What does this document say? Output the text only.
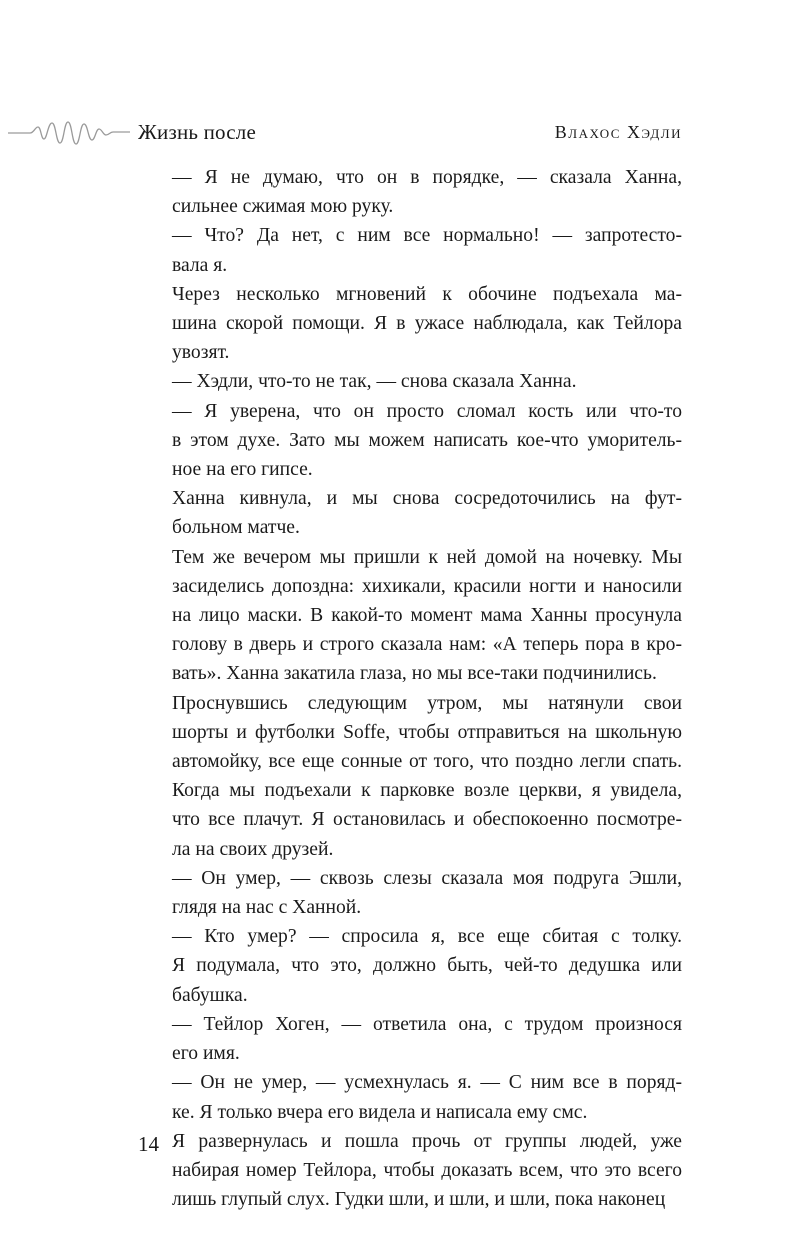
Жизнь после	Влахос Хэдли

— Я не думаю, что он в порядке, — сказала Ханна,
сильнее сжимая мою руку.

— Что? Да нет, с ним все нормально! — запротесто-
вала я.

Через несколько мгновений к обочине подъехала ма-
шина скорой помощи. Я в ужасе наблюдала, как Тейлора
увозят.

— Хэдли, что-то не так, — снова сказала Ханна.

— Я уверена, что он просто сломал кость или что-то
в этом духе. Зато мы можем написать кое-что уморитель-
ное на его гипсе.

Ханна кивнула, и мы снова сосредоточились на фут-
больном матче.

Тем же вечером мы пришли к ней домой на ночевку. Мы
засиделись допоздна: хихикали, красили ногти и наносили
на лицо маски. В какой-то момент мама Ханны просунула
голову в дверь и строго сказала нам: «А теперь пора в кро-
вать». Ханна закатила глаза, но мы все-таки подчинились.

Проснувшись следующим утром, мы натянули свои
шорты и футболки Soffe, чтобы отправиться на школьную
автомойку, все еще сонные от того, что поздно легли спать.
Когда мы подъехали к парковке возле церкви, я увидела,
что все плачут. Я остановилась и обеспокоенно посмотре-
ла на своих друзей.

— Он умер, — сквозь слезы сказала моя подруга Эшли,
глядя на нас с Ханной.

— Кто умер? — спросила я, все еще сбитая с толку.
Я подумала, что это, должно быть, чей-то дедушка или
бабушка.

— Тейлор Хоген, — ответила она, с трудом произнося
его имя.

— Он не умер, — усмехнулась я. — С ним все в поряд-
ке. Я только вчера его видела и написала ему смс.

Я развернулась и пошла прочь от группы людей, уже
набирая номер Тейлора, чтобы доказать всем, что это всего
лишь глупый слух. Гудки шли, и шли, и шли, пока наконец

14
